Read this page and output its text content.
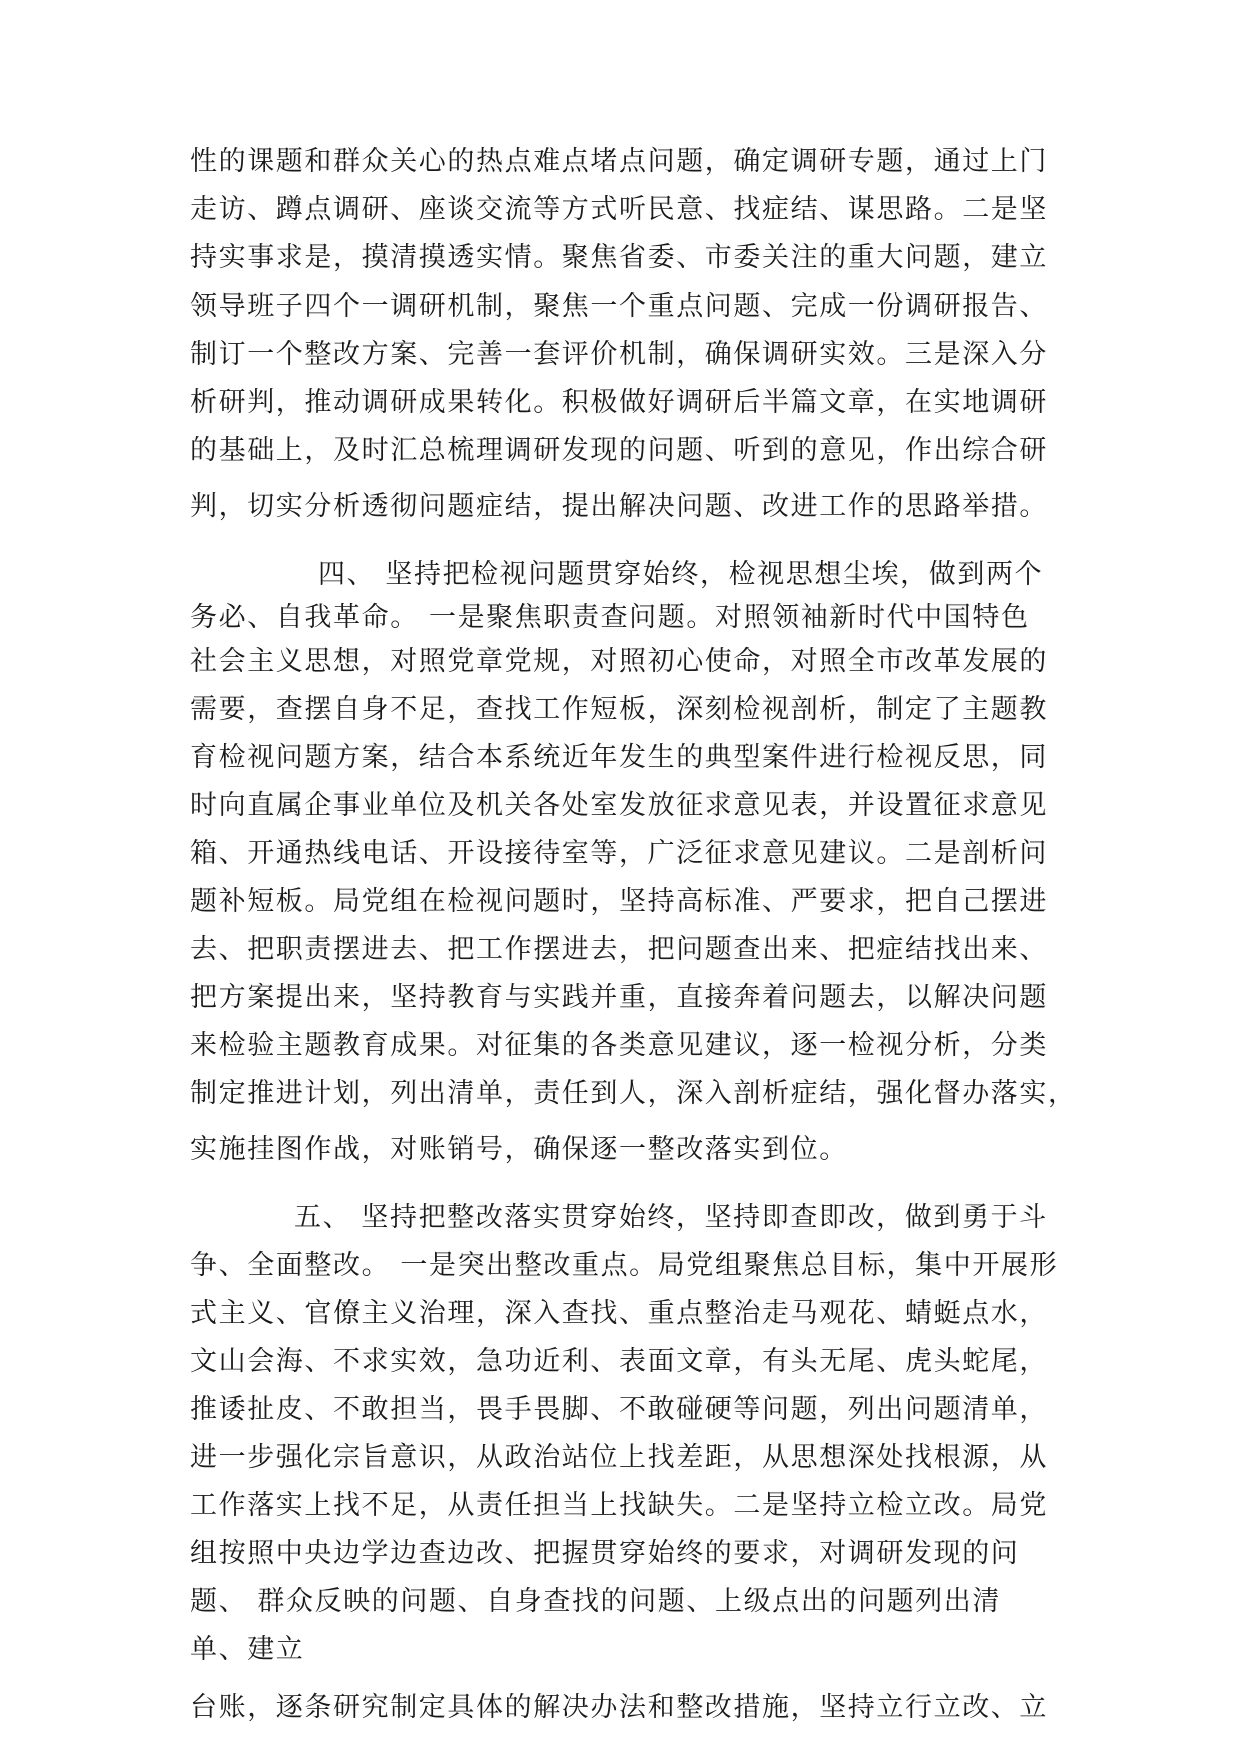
性的课题和群众关心的热点难点堵点问题，确定调研专题，通过上门
走访、蹲点调研、座谈交流等方式听民意、找症结、谋思路。二是坚
持实事求是，摸清摸透实情。聚焦省委、市委关注的重大问题，建立
领导班子四个一调研机制，聚焦一个重点问题、完成一份调研报告、
制订一个整改方案、完善一套评价机制，确保调研实效。三是深入分
析研判，推动调研成果转化。积极做好调研后半篇文章，在实地调研
的基础上，及时汇总梳理调研发现的问题、听到的意见，作出综合研
判，切实分析透彻问题症结，提出解决问题、改进工作的思路举措。
四、 坚持把检视问题贯穿始终，检视思想尘埃，做到两个
务必、自我革命。 一是聚焦职责查问题。对照领袖新时代中国特色
社会主义思想，对照党章党规，对照初心使命，对照全市改革发展的
需要，查摆自身不足，查找工作短板，深刻检视剖析，制定了主题教
育检视问题方案，结合本系统近年发生的典型案件进行检视反思，同
时向直属企事业单位及机关各处室发放征求意见表，并设置征求意见
箱、开通热线电话、开设接待室等，广泛征求意见建议。二是剖析问
题补短板。局党组在检视问题时，坚持高标准、严要求，把自己摆进
去、把职责摆进去、把工作摆进去，把问题查出来、把症结找出来、
把方案提出来，坚持教育与实践并重，直接奔着问题去，以解决问题
来检验主题教育成果。对征集的各类意见建议，逐一检视分析，分类
制定推进计划，列出清单，责任到人，深入剖析症结，强化督办落实，
实施挂图作战，对账销号，确保逐一整改落实到位。
五、 坚持把整改落实贯穿始终，坚持即查即改，做到勇于斗
争、全面整改。 一是突出整改重点。局党组聚焦总目标，集中开展形
式主义、官僚主义治理，深入查找、重点整治走马观花、蜻蜓点水，
文山会海、不求实效，急功近利、表面文章，有头无尾、虎头蛇尾，
推诿扯皮、不敢担当，畏手畏脚、不敢碰硬等问题，列出问题清单，
进一步强化宗旨意识，从政治站位上找差距，从思想深处找根源，从
工作落实上找不足，从责任担当上找缺失。二是坚持立检立改。局党
组按照中央边学边查边改、把握贯穿始终的要求，对调研发现的问
题、 群众反映的问题、自身查找的问题、上级点出的问题列出清
单、建立
台账，逐条研究制定具体的解决办法和整改措施，坚持立行立改、立
